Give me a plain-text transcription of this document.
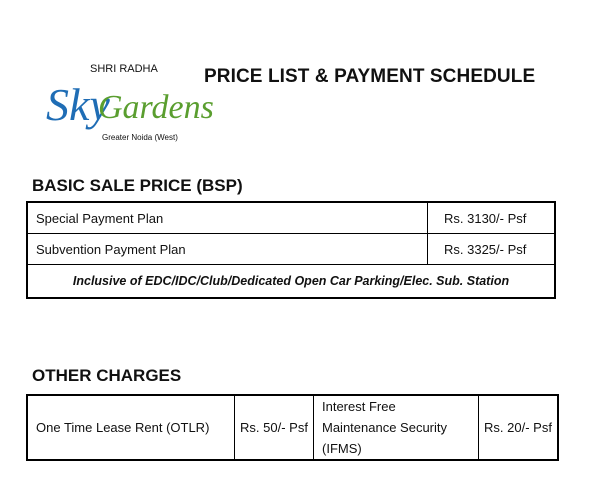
SHRI RADHA
Sky
Gardens
Greater Noida (West)
PRICE LIST & PAYMENT SCHEDULE
BASIC SALE PRICE (BSP)
Special Payment Plan	Rs. 3130/- Psf
Subvention Payment Plan	Rs. 3325/- Psf
Inclusive of EDC/IDC/Club/Dedicated Open Car Parking/Elec. Sub. Station	
OTHER CHARGES
One Time Lease Rent (OTLR)	Rs. 50/- Psf	Interest Free Maintenance Security (IFMS)	Rs. 20/- Psf
